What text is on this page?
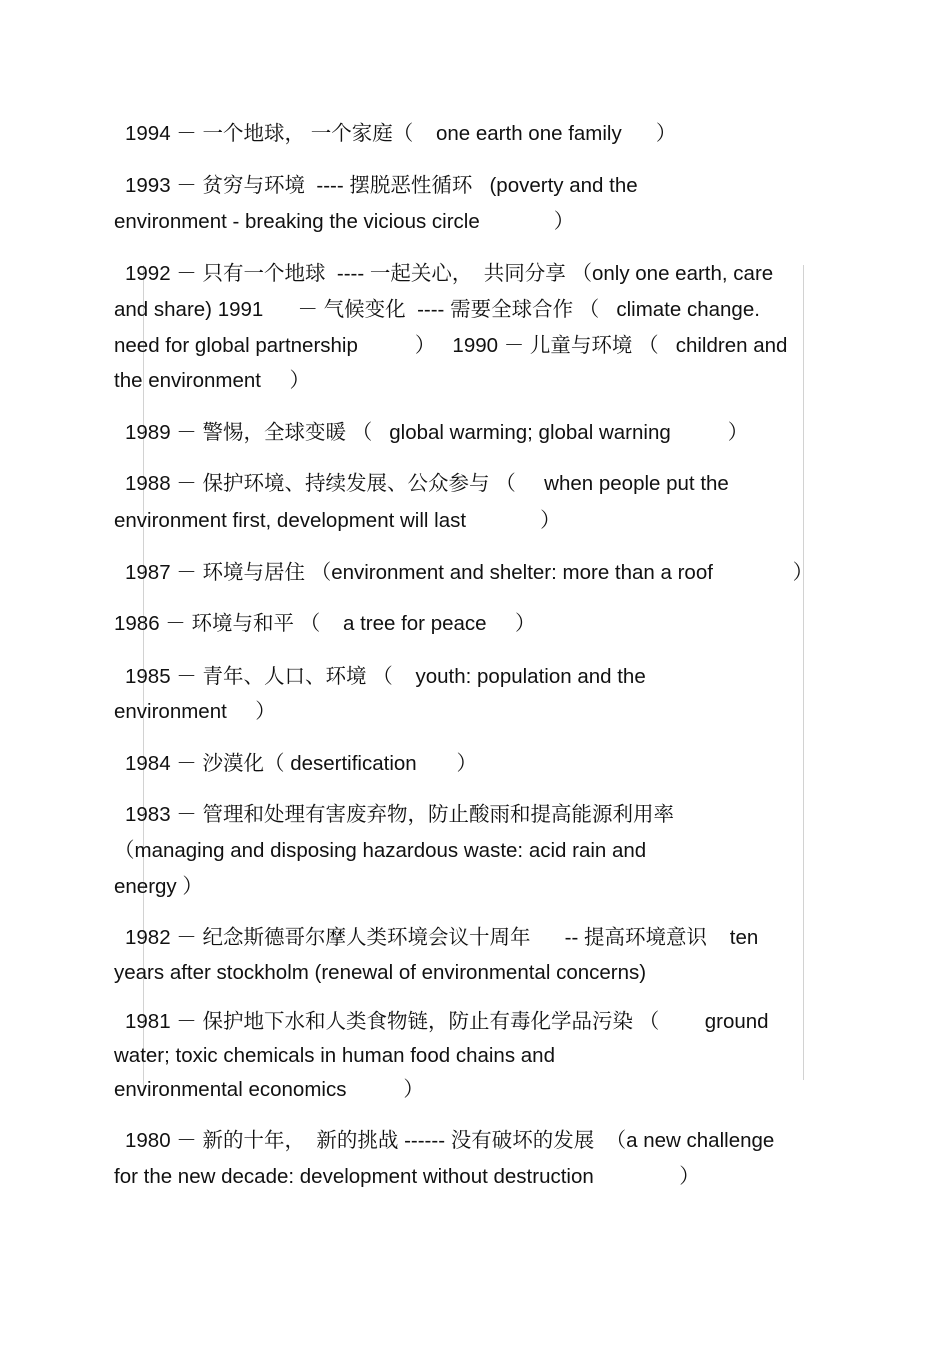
1994 － 一个地球， 一个家庭（    one earth one family      ）
1993 － 贫穷与环境  ---- 摆脱恶性循环   (poverty and the
environment - breaking the vicious circle             ）
1992 － 只有一个地球  ---- 一起关心，  共同分享 （only one earth, care
and share) 1991      － 气候变化  ---- 需要全球合作 （   climate change.
need for global partnership          ）   1990 － 儿童与环境 （   children and
the environment     ）
1989 － 警惕，全球变暖 （   global warming; global warning          ）
1988 － 保护环境、持续发展、公众参与 （     when people put the
environment first, development will last             ）
1987 － 环境与居住 （environment and shelter: more than a roof              ）
1986 － 环境与和平 （    a tree for peace     ）
1985 － 青年、人口、环境 （    youth: population and the
environment     ）
1984 － 沙漠化（ desertification       ）
1983 － 管理和处理有害废弃物，防止酸雨和提高能源利用率
（managing and disposing hazardous waste: acid rain and
energy ）
1982 － 纪念斯德哥尔摩人类环境会议十周年      -- 提高环境意识    ten
years after stockholm (renewal of environmental concerns)
1981 － 保护地下水和人类食物链，防止有毒化学品污染 （        ground
water; toxic chemicals in human food chains and
environmental economics          ）
1980 － 新的十年，  新的挑战 ------ 没有破坏的发展  （a new challenge
for the new decade: development without destruction               ）
